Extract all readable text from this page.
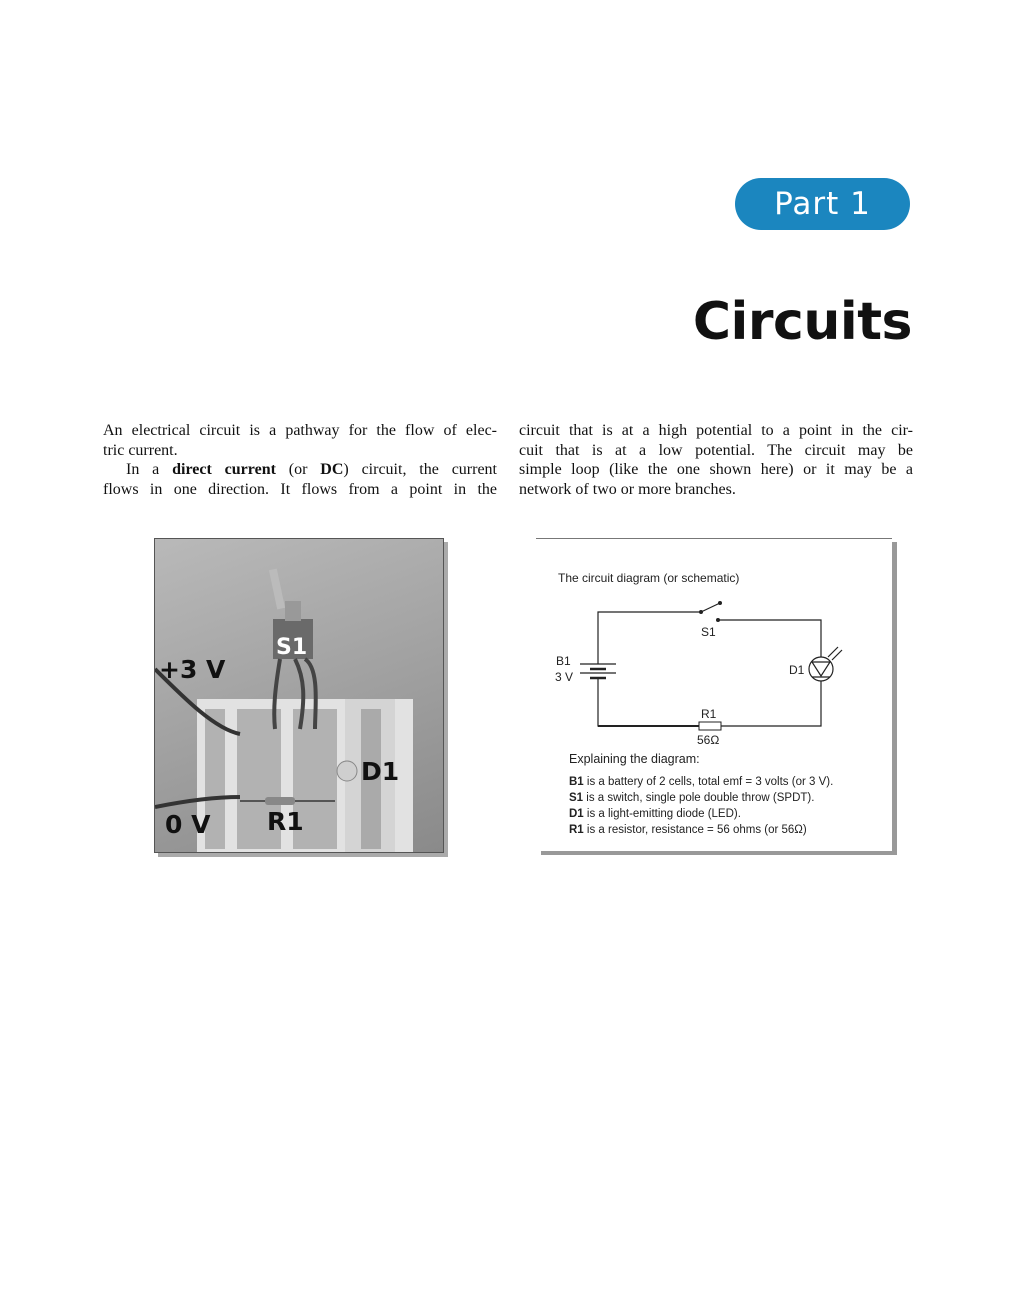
Part 1
Circuits
An electrical circuit is a pathway for the flow of elec-
tric current.
In a direct current (or DC) circuit, the current
flows in one direction. It flows from a point in the
circuit that is at a high potential to a point in the cir-
cuit that is at a low potential. The circuit may be
simple loop (like the one shown here) or it may be a
network of two or more branches.
S1
+3 V
D1
0 V R1
The circuit diagram (or schematic)
S1
B1
3 V	D1
R1
56Ω
Explaining the diagram:
B1 is a battery of 2 cells, total emf = 3 volts (or 3 V).
S1 is a switch, single pole double throw (SPDT).
D1 is a light-emitting diode (LED).
R1 is a resistor, resistance = 56 ohms (or 56Ω)
